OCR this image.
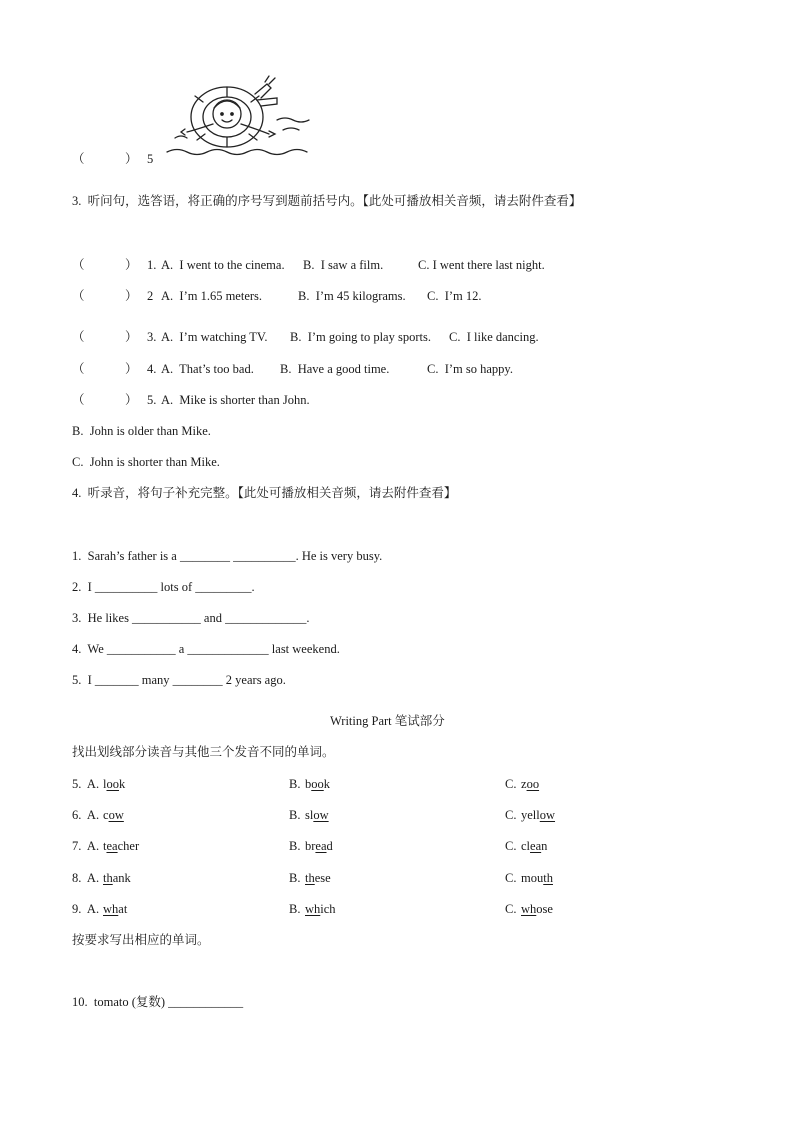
（	） 5
3.  听问句，选答语，将正确的序号写到题前括号内。【此处可播放相关音频，请去附件查看】
（	） 1. A.  I went to the cinema. B.  I saw a film.	C. I went there last night.
（	） 2 A.  I’m 1.65 meters.	B.  I’m 45 kilograms. C.  I’m 12.
（	） 3. A.  I’m watching TV. B.  I’m going to play sports. C.  I like dancing.
（	） 4. A.  That’s too bad. B.  Have a good time.	C.  I’m so happy.
（	） 5. A.  Mike is shorter than John.
B.  John is older than Mike.
C.  John is shorter than Mike.
4.  听录音，将句子补充完整。【此处可播放相关音频，请去附件查看】
1.  Sarah’s father is a ________ __________. He is very busy.
2.  I __________ lots of _________.
3.  He likes ___________ and _____________.
4.  We ___________ a _____________ last weekend.
5.  I _______ many ________ 2 years ago.
Writing Part 笔试部分
找出划线部分读音与其他三个发音不同的单词。
5.  A. look	B. book	C. zoo
6.  A. cow	B. slow	C. yellow
7.  A. teacher	B. bread	C. clean
8.  A. thank	B. these	C. mouth
9.  A. what	B. which	C. whose
按要求写出相应的单词。
10.  tomato (复数) ____________
